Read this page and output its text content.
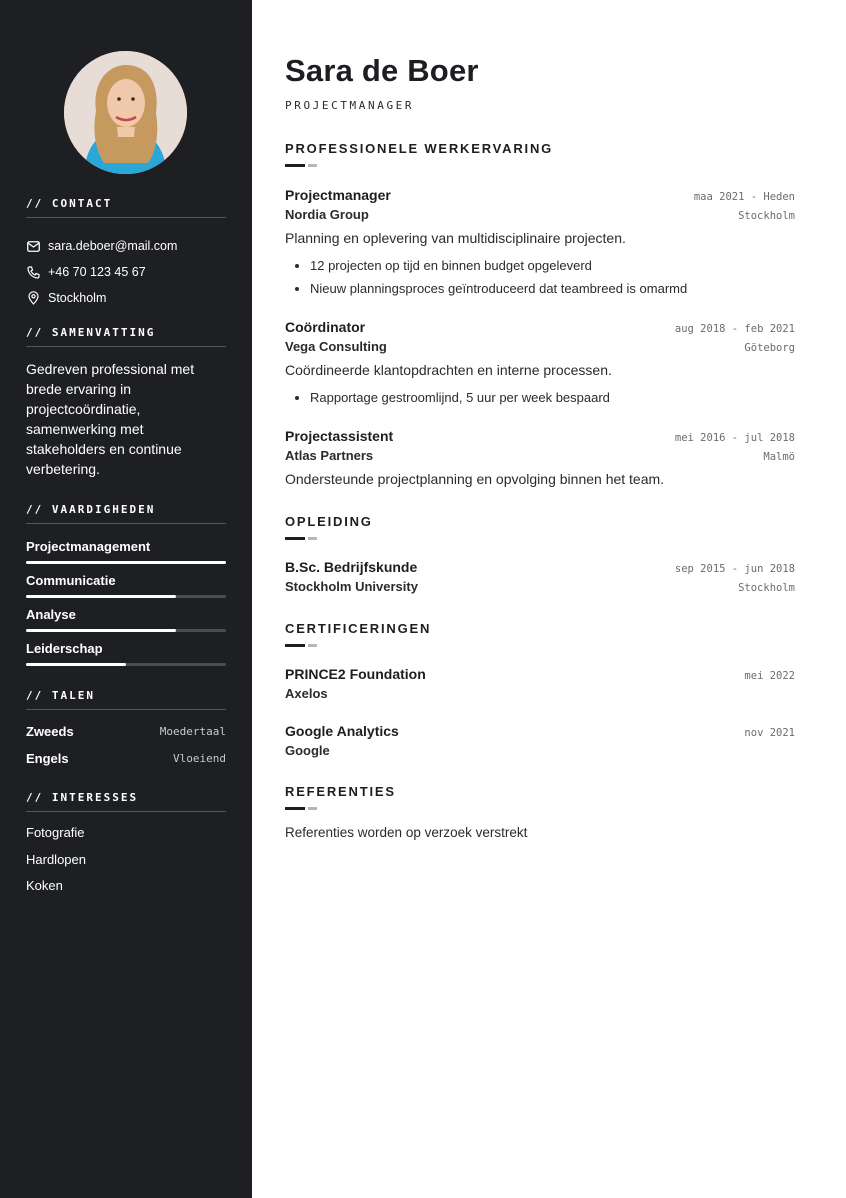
// CONTACT
sara.deboer@mail.com
+46 70 123 45 67
Stockholm
// SAMENVATTING
Gedreven professional met brede ervaring in projectcoördinatie, samenwerking met stakeholders en continue verbetering.
// VAARDIGHEDEN
Projectmanagement
Communicatie
Analyse
Leiderschap
// TALEN
Zweeds	Moedertaal
Engels	Vloeiend
// INTERESSES
Fotografie
Hardlopen
Koken
Sara de Boer
PROJECTMANAGER
PROFESSIONELE WERKERVARING
Projectmanager	maa 2021 - Heden
Nordia Group	Stockholm
Planning en oplevering van multidisciplinaire projecten.
12 projecten op tijd en binnen budget opgeleverd
Nieuw planningsproces geïntroduceerd dat teambreed is omarmd
Coördinator	aug 2018 - feb 2021
Vega Consulting	Göteborg
Coördineerde klantopdrachten en interne processen.
Rapportage gestroomlijnd, 5 uur per week bespaard
Projectassistent	mei 2016 - jul 2018
Atlas Partners	Malmö
Ondersteunde projectplanning en opvolging binnen het team.
OPLEIDING
B.Sc. Bedrijfskunde	sep 2015 - jun 2018
Stockholm University	Stockholm
CERTIFICERINGEN
PRINCE2 Foundation	mei 2022
Axelos
Google Analytics	nov 2021
Google
REFERENTIES
Referenties worden op verzoek verstrekt
